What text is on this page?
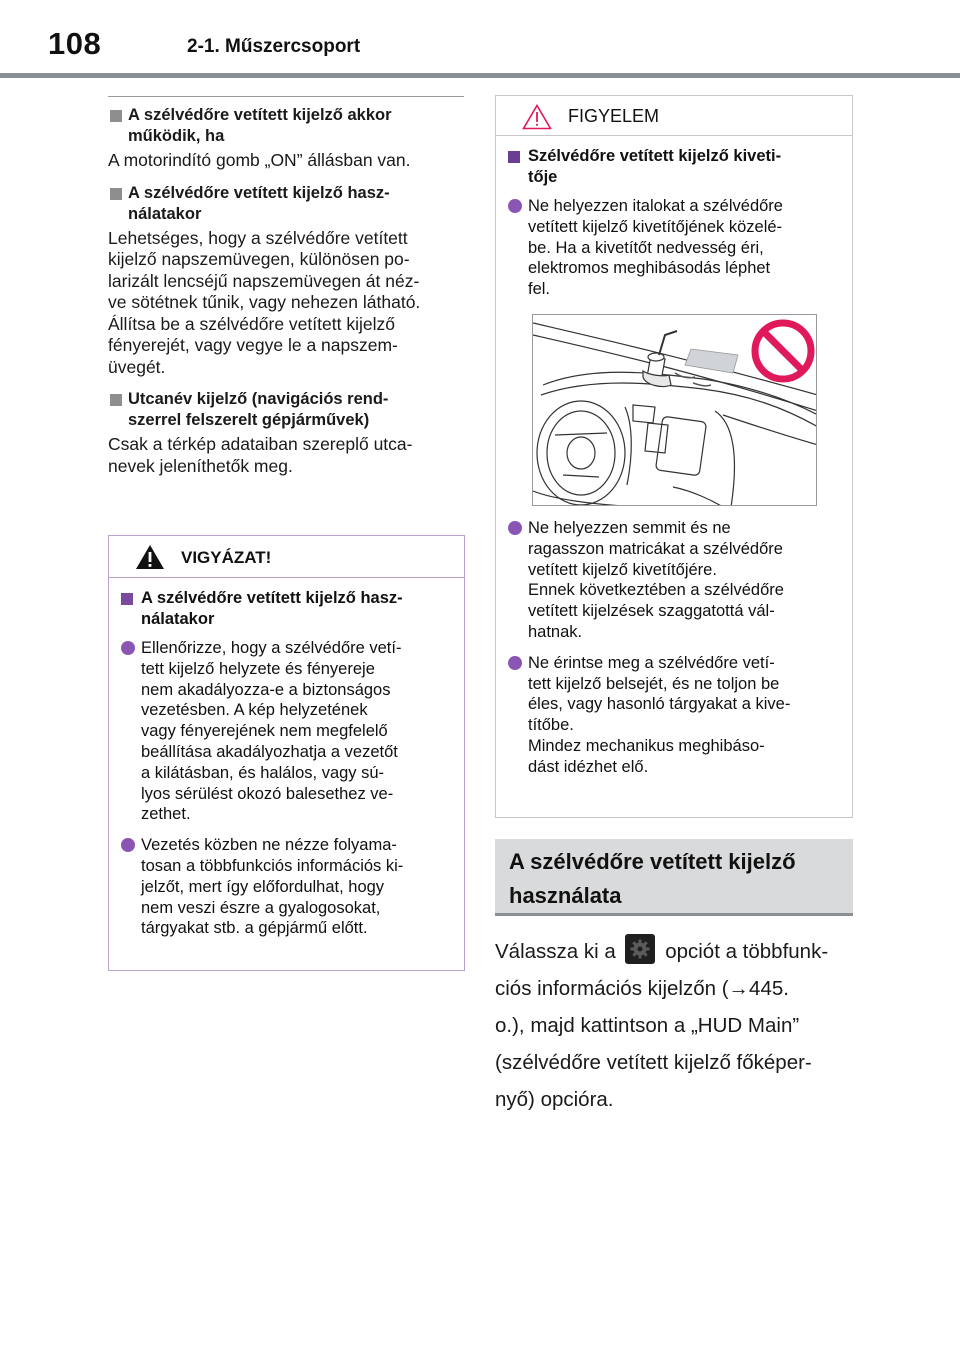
108	2-1. Műszercsoport
A szélvédőre vetített kijelző akkor
működik, ha
A motorindító gomb „ON” állásban van.
A szélvédőre vetített kijelző hasz-
nálatakor
Lehetséges, hogy a szélvédőre vetített
kijelző napszemüvegen, különösen po-
larizált lencséjű napszemüvegen át néz-
ve sötétnek tűnik, vagy nehezen látható.
Állítsa be a szélvédőre vetített kijelző
fényerejét, vagy vegye le a napszem-
üvegét.
Utcanév kijelző (navigációs rend-
szerrel felszerelt gépjárművek)
Csak a térkép adataiban szereplő utca-
nevek jeleníthetők meg.
VIGYÁZAT!
A szélvédőre vetített kijelző hasz-
nálatakor
Ellenőrizze, hogy a szélvédőre vetí-
tett kijelző helyzete és fényereje
nem akadályozza-e a biztonságos
vezetésben. A kép helyzetének
vagy fényerejének nem megfelelő
beállítása akadályozhatja a vezetőt
a kilátásban, és halálos, vagy sú-
lyos sérülést okozó balesethez ve-
zethet.
Vezetés közben ne nézze folyama-
tosan a többfunkciós információs ki-
jelzőt, mert így előfordulhat, hogy
nem veszi észre a gyalogosokat,
tárgyakat stb. a gépjármű előtt.
FIGYELEM
Szélvédőre vetített kijelző kiveti-
tője
Ne helyezzen italokat a szélvédőre
vetített kijelző kivetítőjének közelé-
be. Ha a kivetítőt nedvesség éri,
elektromos meghibásodás léphet
fel.
Ne helyezzen semmit és ne
ragasszon matricákat a szélvédőre
vetített kijelző kivetítőjére.
Ennek következtében a szélvédőre
vetített kijelzések szaggatottá vál-
hatnak.
Ne érintse meg a szélvédőre vetí-
tett kijelző belsejét, és ne toljon be
éles, vagy hasonló tárgyakat a kive-
títőbe.
Mindez mechanikus meghibáso-
dást idézhet elő.
A szélvédőre vetített kijelző
használata
Válassza ki a opciót a többfunk-
ciós információs kijelzőn (→445.
o.), majd kattintson a „HUD Main”
(szélvédőre vetített kijelző főképer-
nyő) opcióra.
